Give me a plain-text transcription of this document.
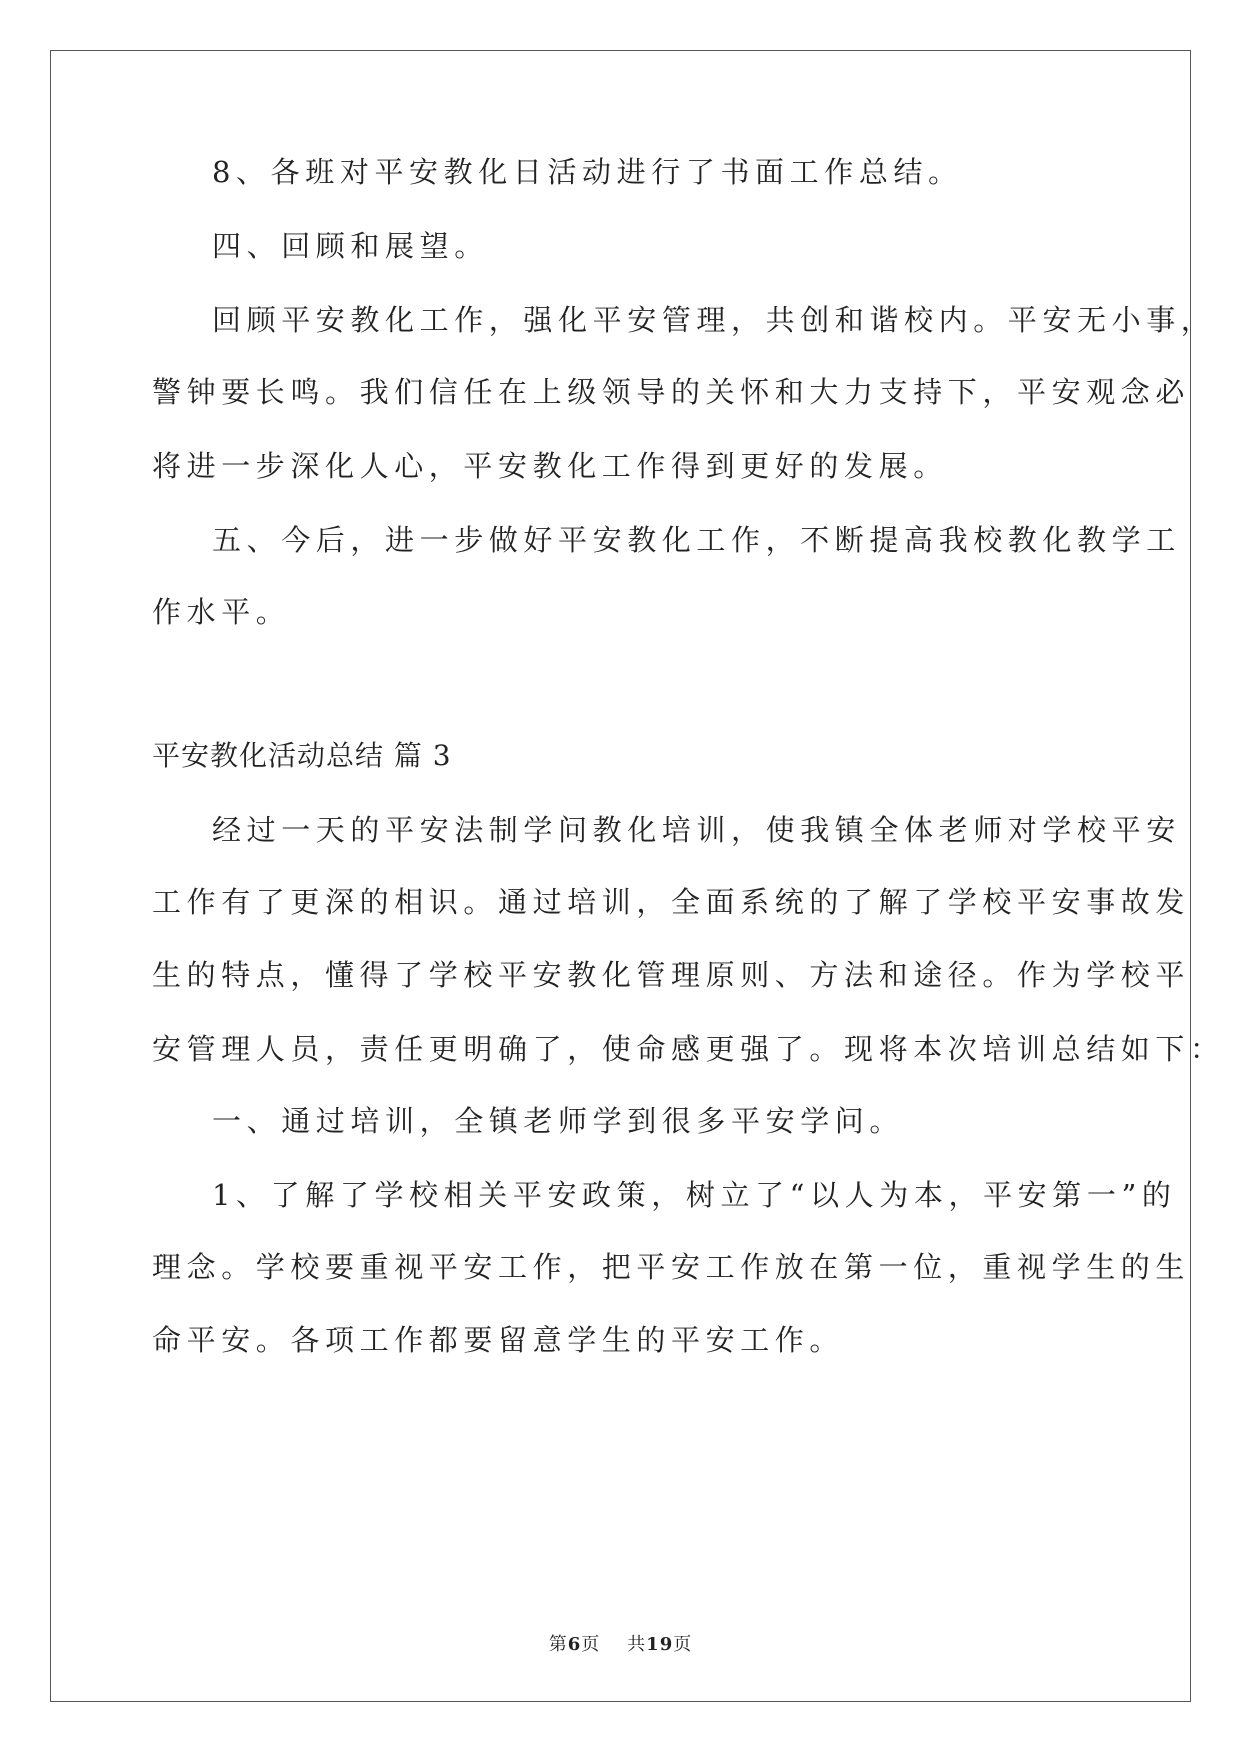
8、各班对平安教化日活动进行了书面工作总结。
四、回顾和展望。
回顾平安教化工作，强化平安管理，共创和谐校内。平安无小事，
警钟要长鸣。我们信任在上级领导的关怀和大力支持下，平安观念必
将进一步深化人心，平安教化工作得到更好的发展。
五、今后，进一步做好平安教化工作，不断提高我校教化教学工
作水平。
平安教化活动总结 篇 3
经过一天的平安法制学问教化培训，使我镇全体老师对学校平安
工作有了更深的相识。通过培训，全面系统的了解了学校平安事故发
生的特点，懂得了学校平安教化管理原则、方法和途径。作为学校平
安管理人员，责任更明确了，使命感更强了。现将本次培训总结如下：
一、通过培训，全镇老师学到很多平安学问。
1、了解了学校相关平安政策，树立了“以人为本，平安第一”的
理念。学校要重视平安工作，把平安工作放在第一位，重视学生的生
命平安。各项工作都要留意学生的平安工作。
第6页    共19页
